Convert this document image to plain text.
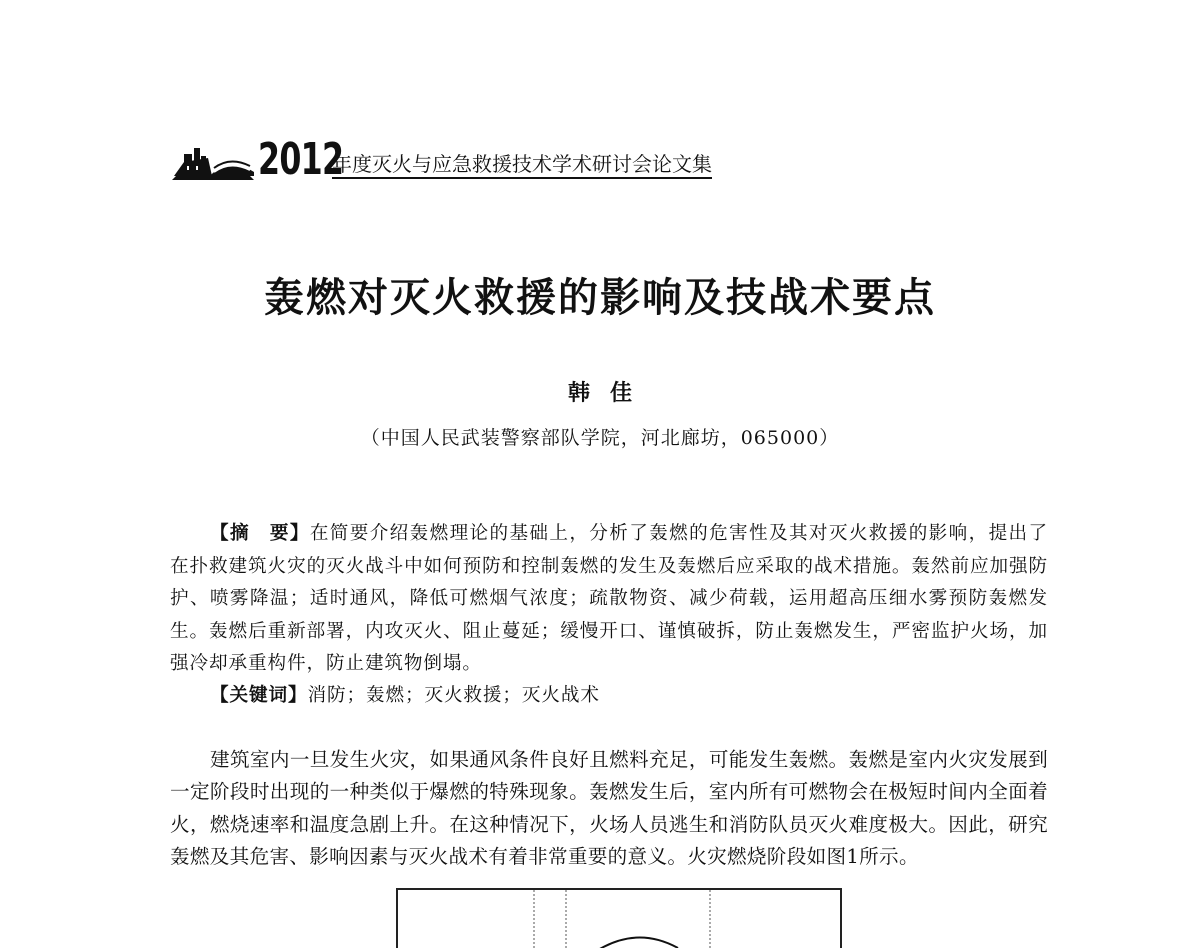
2012
年度灭火与应急救援技术学术研讨会论文集
轰燃对灭火救援的影响及技战术要点
韩佳
（中国人民武装警察部队学院，河北廊坊，065000）
【摘　要】在简要介绍轰燃理论的基础上，分析了轰燃的危害性及其对灭火救援的影响，提出了在扑救建筑火灾的灭火战斗中如何预防和控制轰燃的发生及轰燃后应采取的战术措施。轰然前应加强防护、喷雾降温；适时通风，降低可燃烟气浓度；疏散物资、减少荷载，运用超高压细水雾预防轰燃发生。轰燃后重新部署，内攻灭火、阻止蔓延；缓慢开口、谨慎破拆，防止轰燃发生，严密监护火场，加强冷却承重构件，防止建筑物倒塌。
【关键词】消防；轰燃；灭火救援；灭火战术
建筑室内一旦发生火灾，如果通风条件良好且燃料充足，可能发生轰燃。轰燃是室内火灾发展到一定阶段时出现的一种类似于爆燃的特殊现象。轰燃发生后，室内所有可燃物会在极短时间内全面着火，燃烧速率和温度急剧上升。在这种情况下，火场人员逃生和消防队员灭火难度极大。因此，研究轰燃及其危害、影响因素与灭火战术有着非常重要的意义。火灾燃烧阶段如图1所示。
